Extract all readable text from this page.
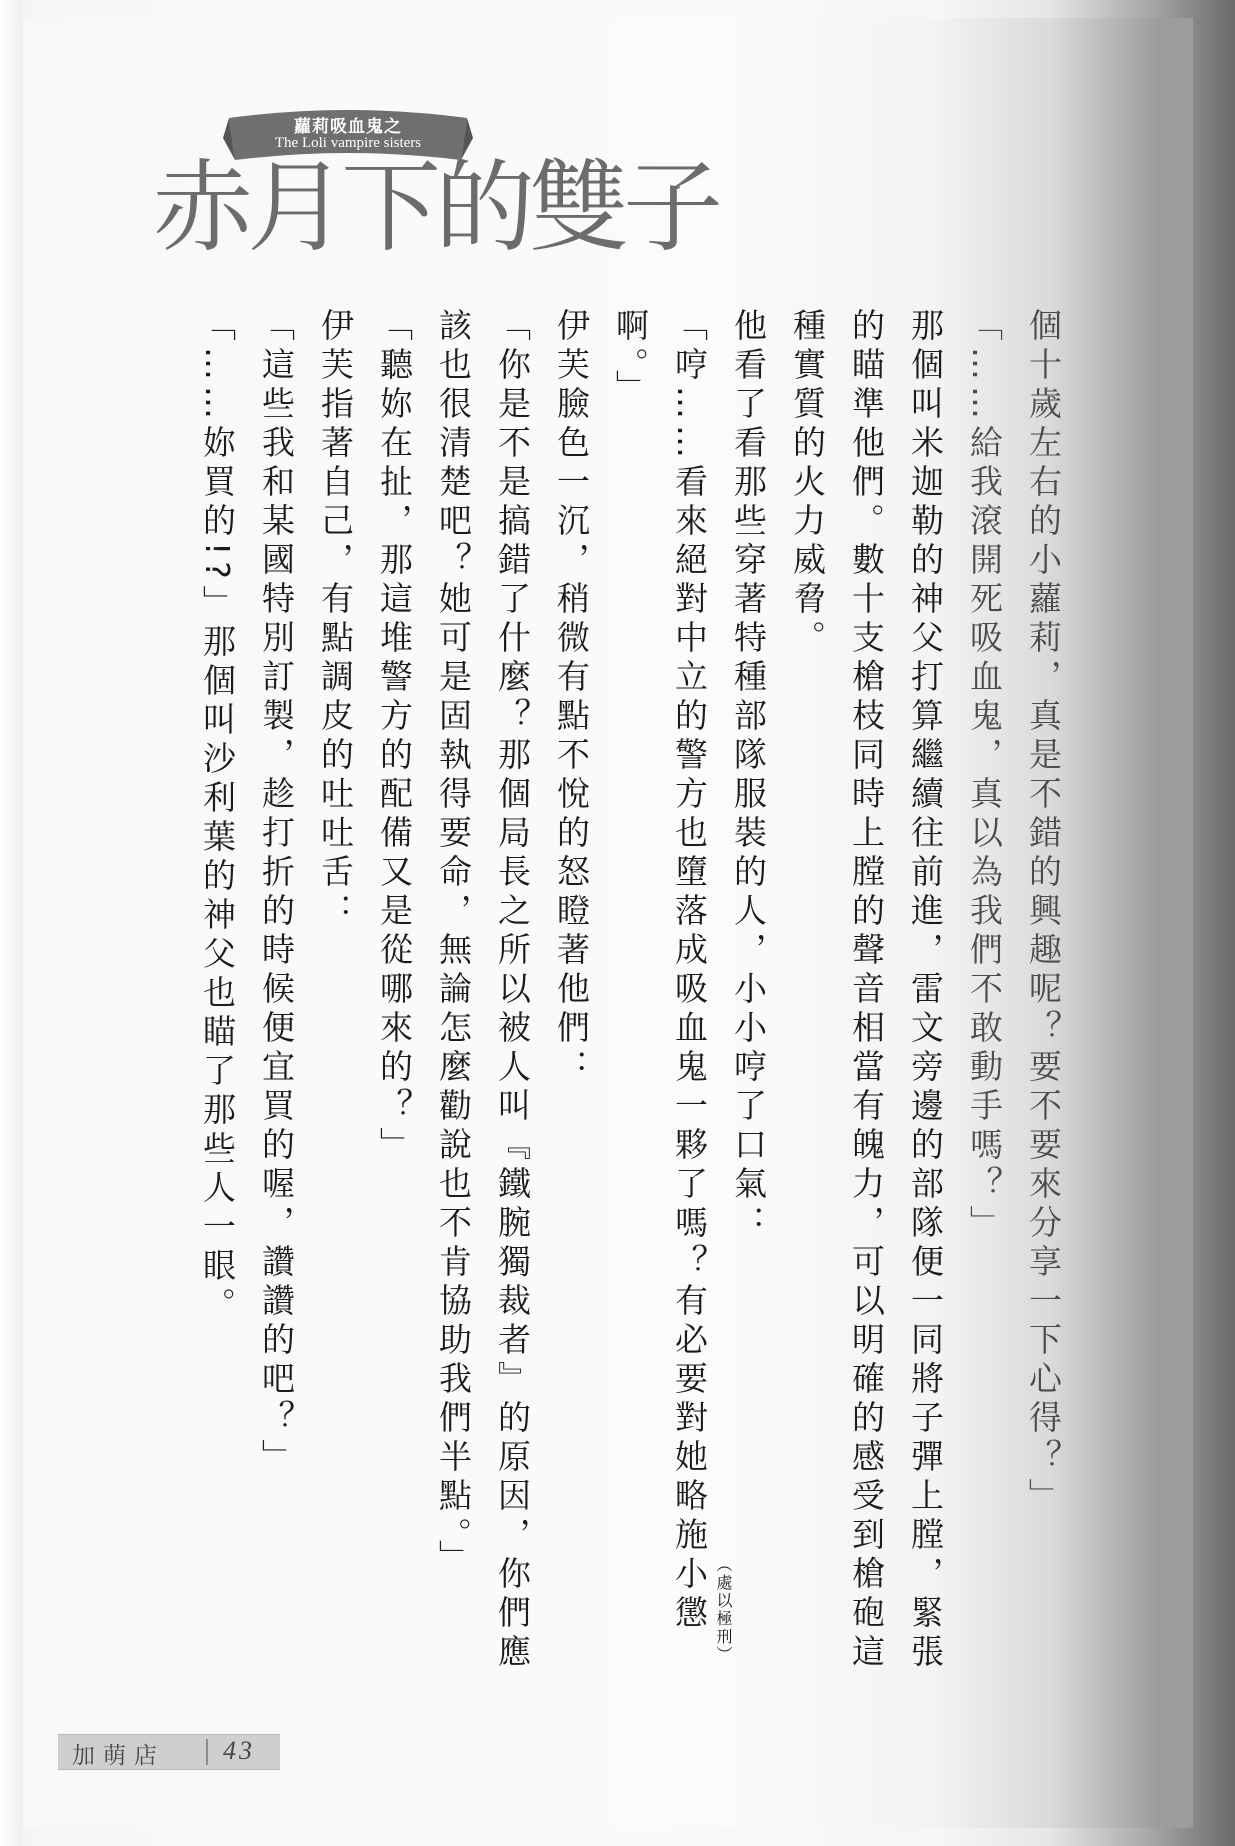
蘿莉吸血鬼之
The Loli vampire sisters
赤月下的雙子

個十歲左右的小蘿莉，真是不錯的興趣呢？要不要來分享一下心得？」

「……給我滾開死吸血鬼，真以為我們不敢動手嗎？」

那個叫米迦勒的神父打算繼續往前進，雷文旁邊的部隊便一同將子彈上膛，緊張的瞄準他們。數十支槍枝同時上膛的聲音相當有魄力，可以明確的感受到槍砲這種實質的火力威脅。

他看了看那些穿著特種部隊服裝的人，小小哼了口氣：

「哼……看來絕對中立的警方也墮落成吸血鬼一夥了嗎？有必要對她略施小懲 （處以極刑）
啊。」

伊芙臉色一沉，稍微有點不悅的怒瞪著他們：

「你是不是搞錯了什麼？那個局長之所以被人叫『鐵腕獨裁者』的原因，你們應該也很清楚吧？她可是固執得要命，無論怎麼勸說也不肯協助我們半點。」

「聽妳在扯，那這堆警方的配備又是從哪來的？」

伊芙指著自己，有點調皮的吐吐舌：

「這些我和某國特別訂製，趁打折的時候便宜買的喔，讚讚的吧？」

「……妳買的!?」那個叫沙利葉的神父也瞄了那些人一眼。

加萌店 43
